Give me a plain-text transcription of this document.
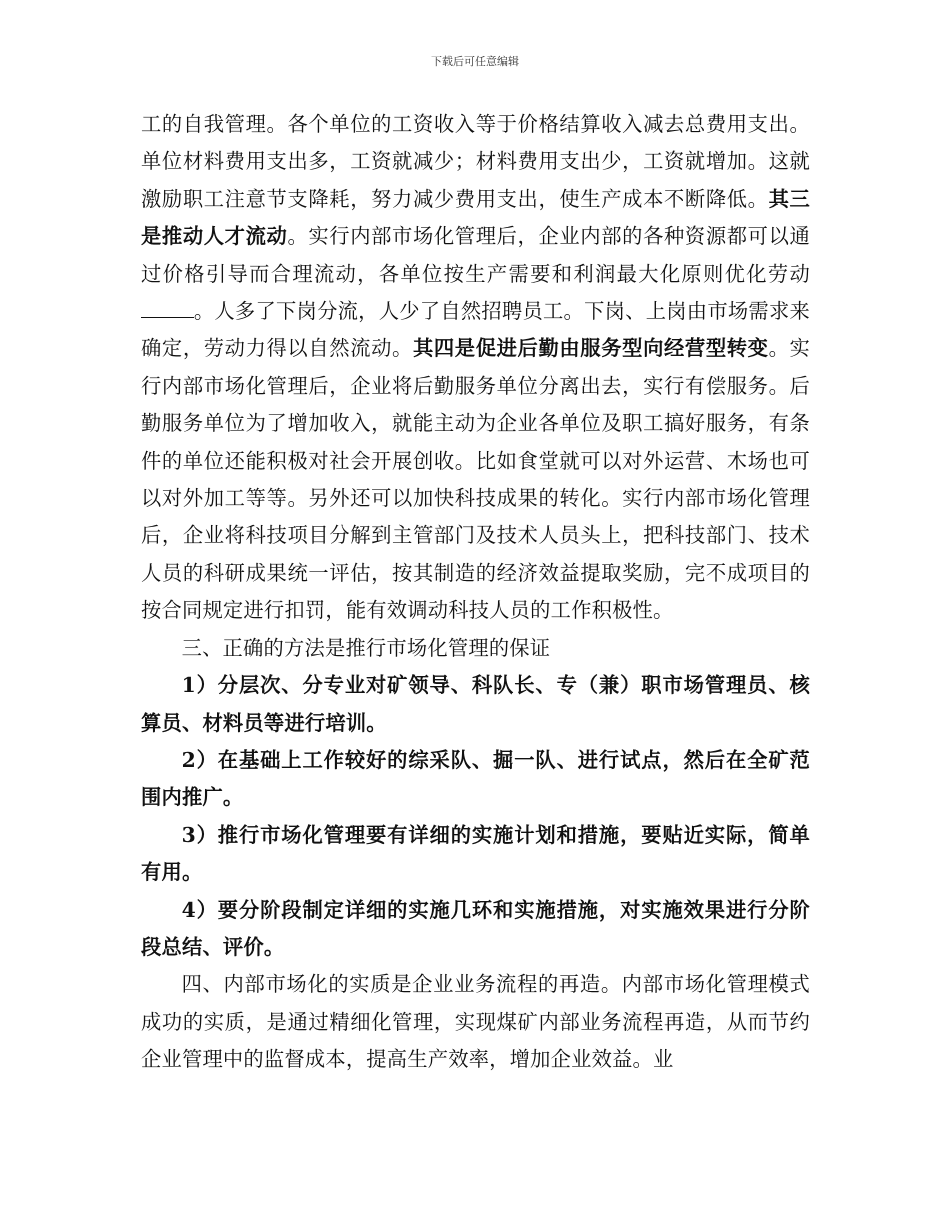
下载后可任意编辑

工的自我管理。各个单位的工资收入等于价格结算收入减去总费用支出。单位材料费用支出多，工资就减少；材料费用支出少，工资就增加。这就激励职工注意节支降耗，努力减少费用支出，使生产成本不断降低。其三是推动人才流动。实行内部市场化管理后，企业内部的各种资源都可以通过价格引导而合理流动，各单位按生产需要和利润最大化原则优化劳动。人多了下岗分流，人少了自然招聘员工。下岗、上岗由市场需求来确定，劳动力得以自然流动。其四是促进后勤由服务型向经营型转变。实行内部市场化管理后，企业将后勤服务单位分离出去，实行有偿服务。后勤服务单位为了增加收入，就能主动为企业各单位及职工搞好服务，有条件的单位还能积极对社会开展创收。比如食堂就可以对外运营、木场也可以对外加工等等。另外还可以加快科技成果的转化。实行内部市场化管理后，企业将科技项目分解到主管部门及技术人员头上，把科技部门、技术人员的科研成果统一评估，按其制造的经济效益提取奖励，完不成项目的按合同规定进行扣罚，能有效调动科技人员的工作积极性。

三、正确的方法是推行市场化管理的保证

1）分层次、分专业对矿领导、科队长、专（兼）职市场管理员、核算员、材料员等进行培训。

2）在基础上工作较好的综采队、掘一队、进行试点，然后在全矿范围内推广。

3）推行市场化管理要有详细的实施计划和措施，要贴近实际，简单有用。

4）要分阶段制定详细的实施几环和实施措施，对实施效果进行分阶段总结、评价。

四、内部市场化的实质是企业业务流程的再造。内部市场化管理模式成功的实质，是通过精细化管理，实现煤矿内部业务流程再造，从而节约企业管理中的监督成本，提高生产效率，增加企业效益。业
